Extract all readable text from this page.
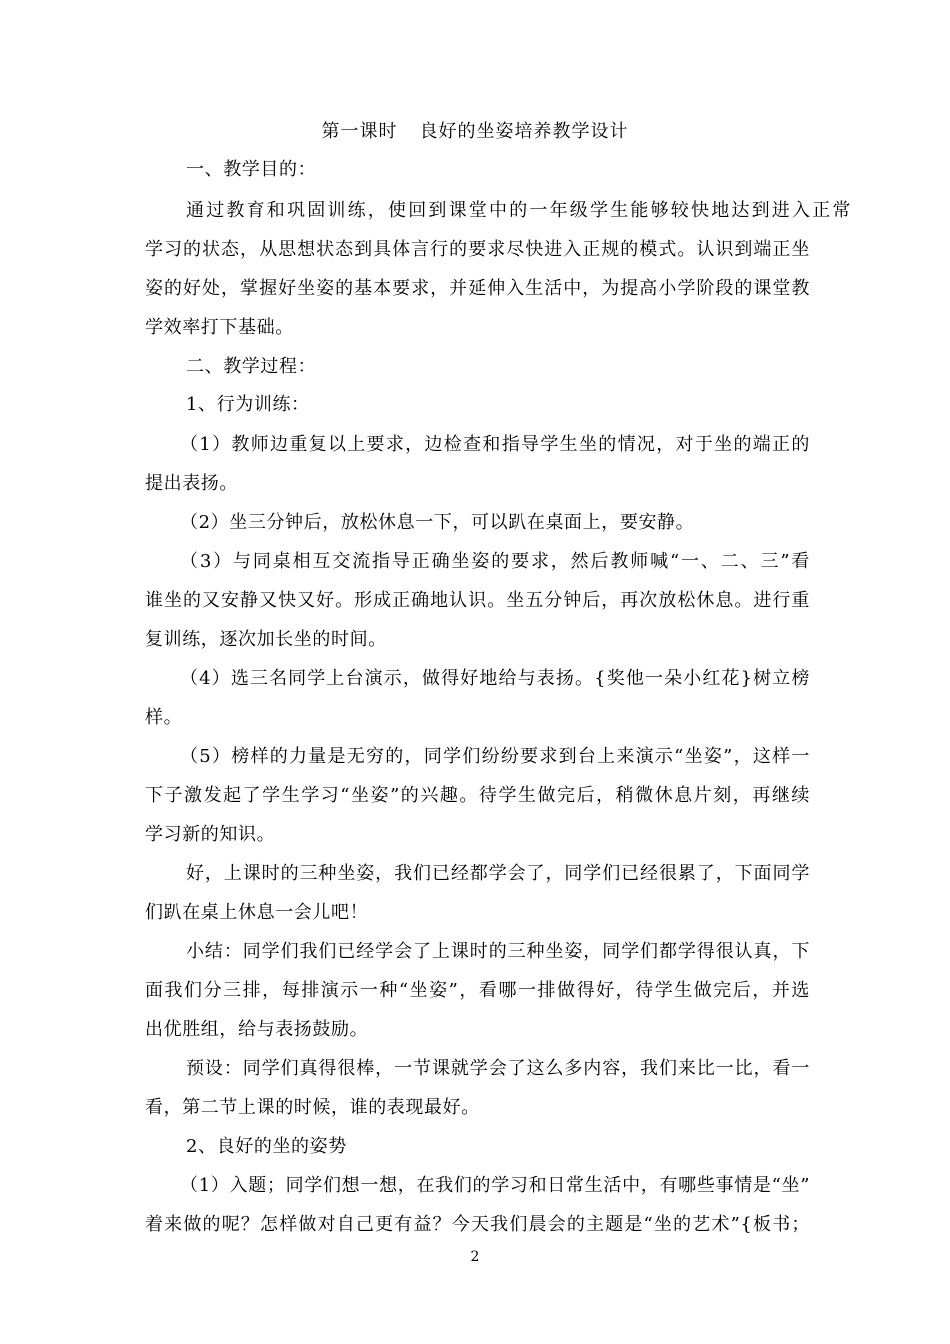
第一课时 良好的坐姿培养教学设计
一、教学目的：
通过教育和巩固训练，使回到课堂中的一年级学生能够较快地达到进入正常
学习的状态，从思想状态到具体言行的要求尽快进入正规的模式。认识到端正坐
姿的好处，掌握好坐姿的基本要求，并延伸入生活中，为提高小学阶段的课堂教
学效率打下基础。
二、教学过程：
1、行为训练：
（1）教师边重复以上要求，边检查和指导学生坐的情况，对于坐的端正的
提出表扬。
（2）坐三分钟后，放松休息一下，可以趴在桌面上，要安静。
（3）与同桌相互交流指导正确坐姿的要求，然后教师喊“一、二、三”看
谁坐的又安静又快又好。形成正确地认识。坐五分钟后，再次放松休息。进行重
复训练，逐次加长坐的时间。
（4）选三名同学上台演示，做得好地给与表扬。{奖他一朵小红花}树立榜
样。
（5）榜样的力量是无穷的，同学们纷纷要求到台上来演示“坐姿”，这样一
下子激发起了学生学习“坐姿”的兴趣。待学生做完后，稍微休息片刻，再继续
学习新的知识。
好，上课时的三种坐姿，我们已经都学会了，同学们已经很累了，下面同学
们趴在桌上休息一会儿吧！
小结：同学们我们已经学会了上课时的三种坐姿，同学们都学得很认真，下
面我们分三排，每排演示一种“坐姿”，看哪一排做得好，待学生做完后，并选
出优胜组，给与表扬鼓励。
预设：同学们真得很棒，一节课就学会了这么多内容，我们来比一比，看一
看，第二节上课的时候，谁的表现最好。
2、良好的坐的姿势
（1）入题；同学们想一想，在我们的学习和日常生活中，有哪些事情是“坐”
着来做的呢？怎样做对自己更有益？今天我们晨会的主题是“坐的艺术”{板书；
2
